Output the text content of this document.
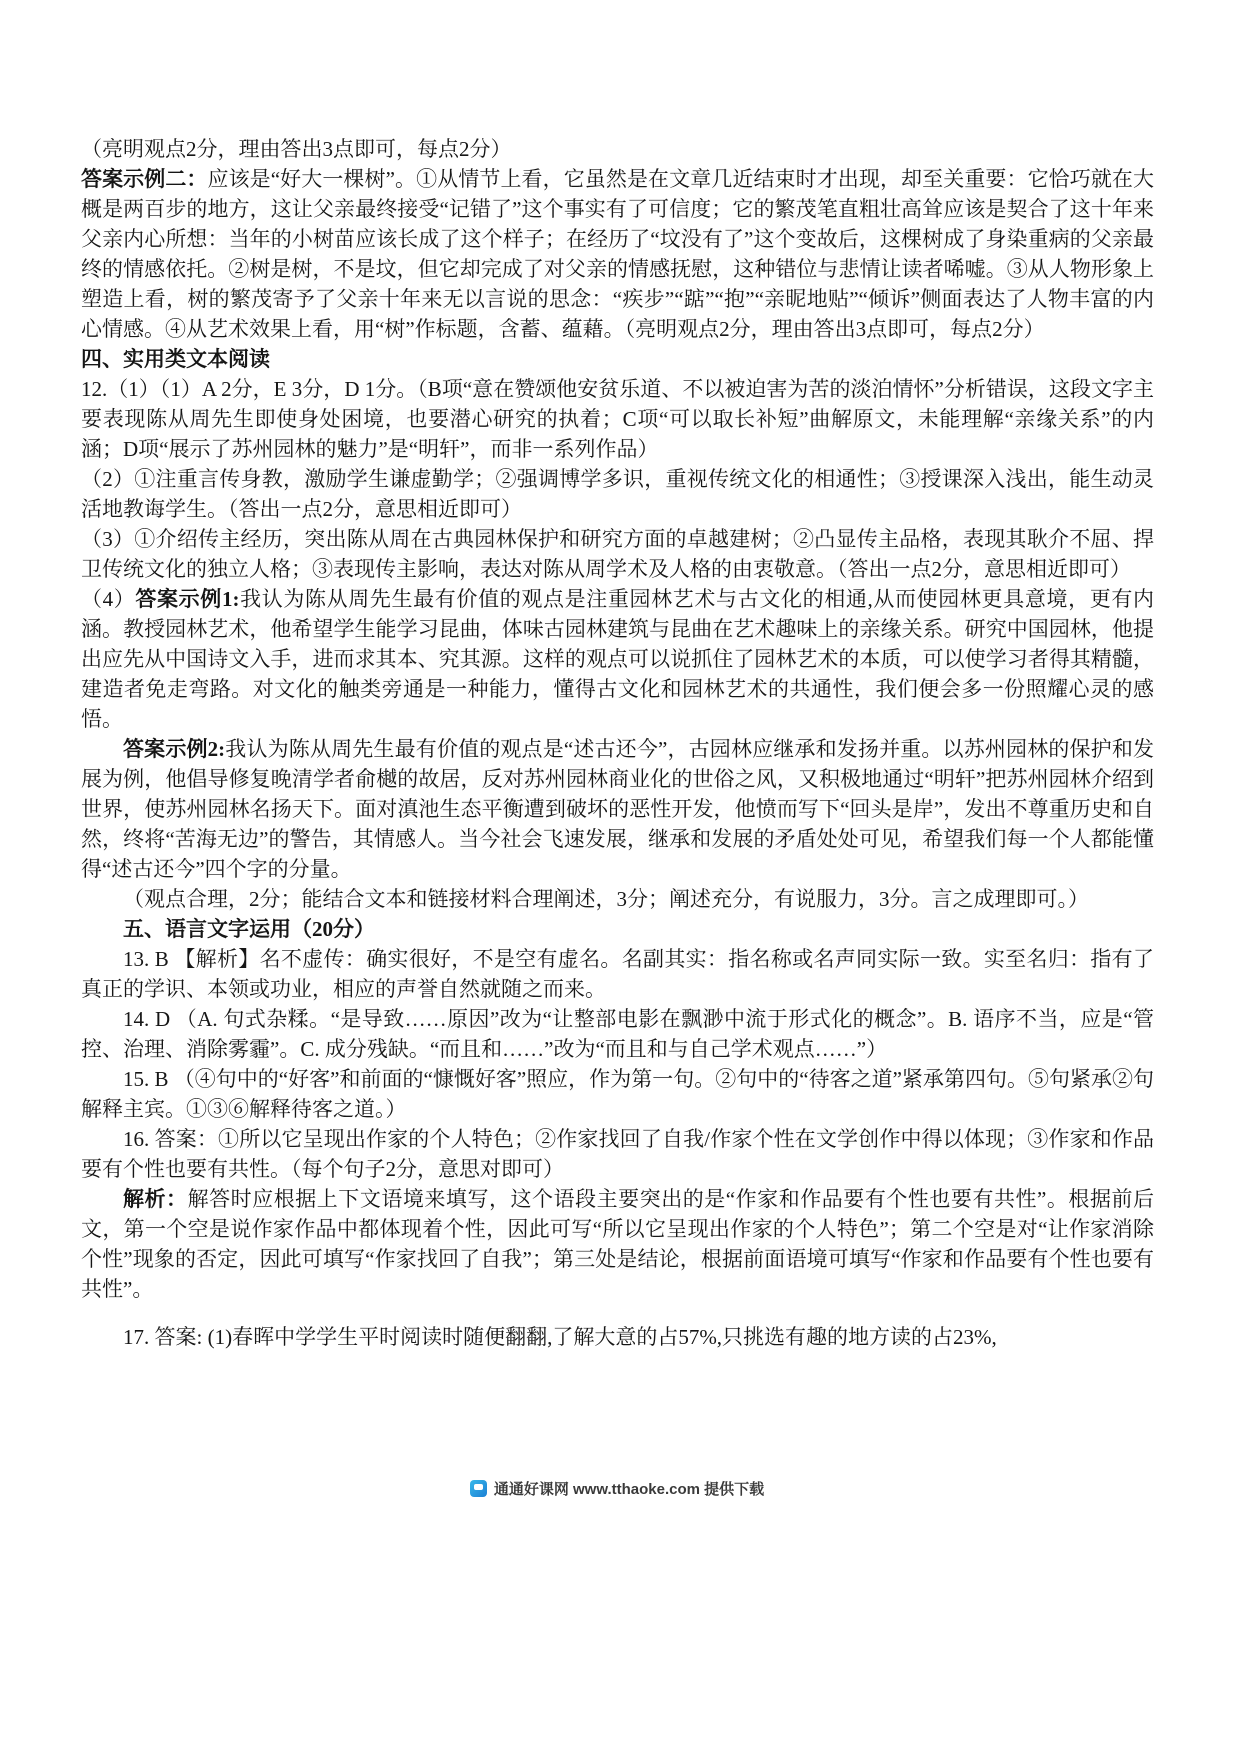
（亮明观点2分，理由答出3点即可，每点2分）

答案示例二：应该是“好大一棵树”。①从情节上看，它虽然是在文章几近结束时才出现，却至关重要：它恰巧就在大概是两百步的地方，这让父亲最终接受“记错了”这个事实有了可信度；它的繁茂笔直粗壮高耸应该是契合了这十年来父亲内心所想：当年的小树苗应该长成了这个样子；在经历了“坟没有了”这个变故后，这棵树成了身染重病的父亲最终的情感依托。②树是树，不是坟，但它却完成了对父亲的情感抚慰，这种错位与悲情让读者唏嘘。③从人物形象上塑造上看，树的繁茂寄予了父亲十年来无以言说的思念：“疾步”“踮”“抱”“亲昵地贴”“倾诉”侧面表达了人物丰富的内心情感。④从艺术效果上看，用“树”作标题，含蓄、蕴藉。（亮明观点2分，理由答出3点即可，每点2分）

四、实用类文本阅读

12.（1）（1）A 2分，E 3分，D 1分。（B项“意在赞颂他安贫乐道、不以被迫害为苦的淡泊情怀”分析错误，这段文字主要表现陈从周先生即使身处困境，也要潜心研究的执着；C项“可以取长补短”曲解原文，未能理解“亲缘关系”的内涵；D项“展示了苏州园林的魅力”是“明轩”，而非一系列作品）

（2）①注重言传身教，激励学生谦虚勤学；②强调博学多识，重视传统文化的相通性；③授课深入浅出，能生动灵活地教诲学生。（答出一点2分，意思相近即可）

（3）①介绍传主经历，突出陈从周在古典园林保护和研究方面的卓越建树；②凸显传主品格，表现其耿介不屈、捍卫传统文化的独立人格；③表现传主影响，表达对陈从周学术及人格的由衷敬意。（答出一点2分，意思相近即可）

（4）答案示例1:我认为陈从周先生最有价值的观点是注重园林艺术与古文化的相通,从而使园林更具意境，更有内涵。教授园林艺术，他希望学生能学习昆曲，体味古园林建筑与昆曲在艺术趣味上的亲缘关系。研究中国园林，他提出应先从中国诗文入手，进而求其本、究其源。这样的观点可以说抓住了园林艺术的本质，可以使学习者得其精髓，建造者免走弯路。对文化的触类旁通是一种能力，懂得古文化和园林艺术的共通性，我们便会多一份照耀心灵的感悟。

答案示例2:我认为陈从周先生最有价值的观点是“述古还今”，古园林应继承和发扬并重。以苏州园林的保护和发展为例，他倡导修复晚清学者俞樾的故居，反对苏州园林商业化的世俗之风，又积极地通过“明轩”把苏州园林介绍到世界，使苏州园林名扬天下。面对滇池生态平衡遭到破坏的恶性开发，他愤而写下“回头是岸”，发出不尊重历史和自然，终将“苦海无边”的警告，其情感人。当今社会飞速发展，继承和发展的矛盾处处可见，希望我们每一个人都能懂得“述古还今”四个字的分量。

（观点合理，2分；能结合文本和链接材料合理阐述，3分；阐述充分，有说服力，3分。言之成理即可。）

五、语言文字运用（20分）

13. B 【解析】名不虚传：确实很好，不是空有虚名。名副其实：指名称或名声同实际一致。实至名归：指有了真正的学识、本领或功业，相应的声誉自然就随之而来。

14. D （A. 句式杂糅。“是导致……原因”改为“让整部电影在飘渺中流于形式化的概念”。B. 语序不当，应是“管控、治理、消除雾霾”。C. 成分残缺。“而且和……”改为“而且和与自己学术观点……”）

15. B （④句中的“好客”和前面的“慷慨好客”照应，作为第一句。②句中的“待客之道”紧承第四句。⑤句紧承②句解释主宾。①③⑥解释待客之道。）

16. 答案：①所以它呈现出作家的个人特色；②作家找回了自我/作家个性在文学创作中得以体现；③作家和作品要有个性也要有共性。（每个句子2分，意思对即可）

解析：解答时应根据上下文语境来填写，这个语段主要突出的是“作家和作品要有个性也要有共性”。根据前后文，第一个空是说作家作品中都体现着个性，因此可写“所以它呈现出作家的个人特色”；第二个空是对“让作家消除个性”现象的否定，因此可填写“作家找回了自我”；第三处是结论，根据前面语境可填写“作家和作品要有个性也要有共性”。

17. 答案: (1)春晖中学学生平时阅读时随便翻翻,了解大意的占57%,只挑选有趣的地方读的占23%,

通通好课网 www.tthaoke.com 提供下载
